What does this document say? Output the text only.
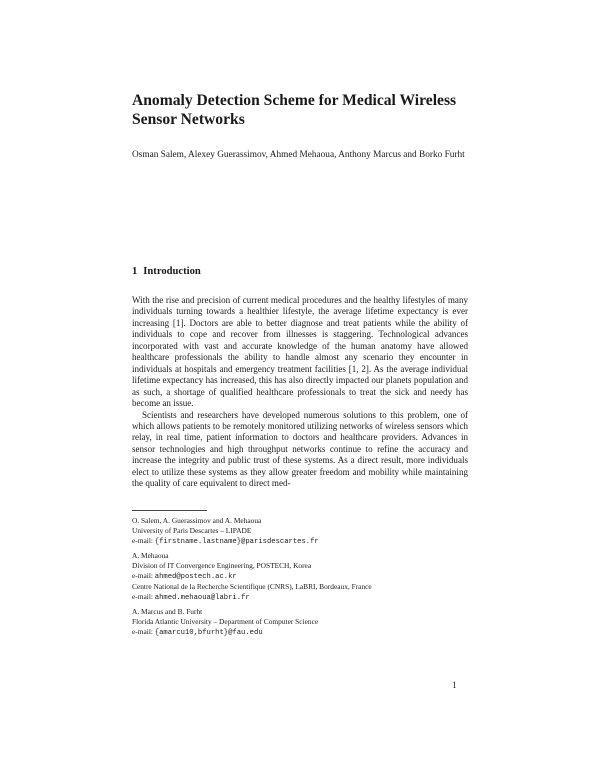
Anomaly Detection Scheme for Medical Wireless Sensor Networks
Osman Salem, Alexey Guerassimov, Ahmed Mehaoua, Anthony Marcus and Borko Furht
1 Introduction

With the rise and precision of current medical procedures and the healthy lifestyles of many individuals turning towards a healthier lifestyle, the average lifetime expectancy is ever increasing [1]. Doctors are able to better diagnose and treat patients while the ability of individuals to cope and recover from illnesses is staggering. Technological advances incorporated with vast and accurate knowledge of the human anatomy have allowed healthcare professionals the ability to handle almost any scenario they encounter in individuals at hospitals and emergency treatment facilities [1, 2]. As the average individual lifetime expectancy has increased, this has also directly impacted our planets population and as such, a shortage of qualified healthcare professionals to treat the sick and needy has become an issue.

Scientists and researchers have developed numerous solutions to this problem, one of which allows patients to be remotely monitored utilizing networks of wireless sensors which relay, in real time, patient information to doctors and healthcare providers. Advances in sensor technologies and high throughput networks continue to refine the accuracy and increase the integrity and public trust of these systems. As a direct result, more individuals elect to utilize these systems as they allow greater freedom and mobility while maintaining the quality of care equivalent to direct med-

O. Salem, A. Guerassimov and A. Mehaoua
University of Paris Descartes – LIPADE
e-mail: {firstname.lastname}@parisdescartes.fr
A. Mehaoua
Division of IT Convergence Engineering, POSTECH, Korea
e-mail: ahmed@postech.ac.kr
Centre National de la Recherche Scientifique (CNRS), LaBRI, Bordeaux, France
e-mail: ahmed.mehaoua@labri.fr
A. Marcus and B. Furht
Florida Atlantic University – Department of Computer Science
e-mail: {amarcu10,bfurht}@fau.edu
1
